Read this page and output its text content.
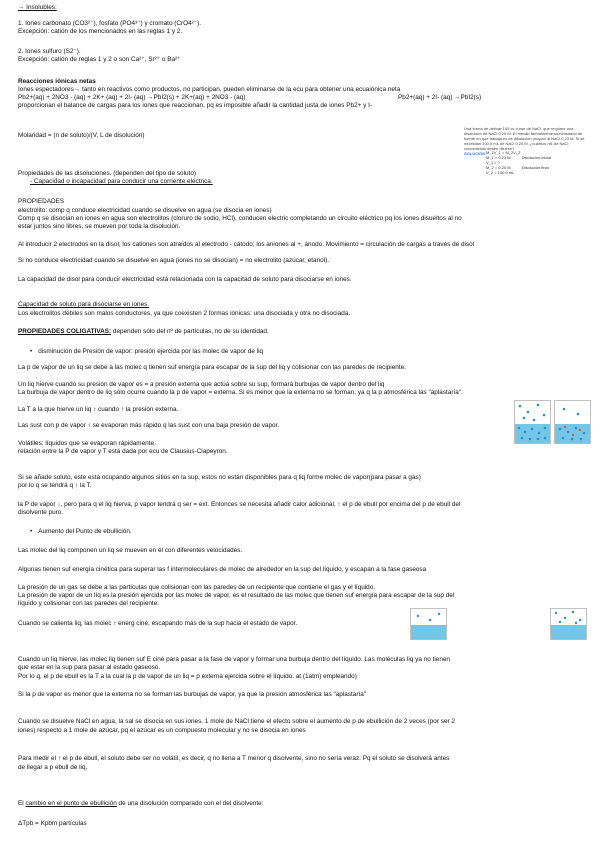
→ Insolubles:
1. Iones carbonato (CO3²⁻), fosfato (PO4³⁻) y cromato (CrO4²⁻).
Excepción: catión de los mencionados en las reglas 1 y 2.
2. Iones sulfuro (S2⁻).
Excepción: catión de reglas 1 y 2 o son Ca²⁺, Sr²⁺ o Ba²⁺
Reacciones iónicas netas
Iones espectadores→ tanto en reactivos como productos, no participan, pueden eliminarse de la ecu para obtener una ecuaiónica neta
Pb2+(aq) + 2NO3 - (aq) + 2K+ (aq) + 2I- (aq) →PbI2(s) + 2K+(aq) + 2NO3 - (aq)	Pb2+(aq) + 2I- (aq) →PbI2(s)
proporcionan el balance de cargas para los iones que reaccionan, pq es imposible añadir la cantidad justa de iones Pb2+ y I-
Molaridad = (n de soluto)/(V, L de disolución)
Una forma de derivar 100 cc d ese de NaCl, que requiere una disolución de NaCl 0,20 M. El mecán farmalmente suministrado de fuente en que trabaja es de disolución ocupan al NaCl 0,23 M. Si se necesitan 100,0 mL de NaCl 0,20 M, ¿cuántos mL de NaCl concentrado deben diluirse?
SOLUCIÓN M_1V_1 = M_2V_2
M_1 = 0,23 M	Disolución inicial
V_1 = ?
M_2 = 0,20 M	Disolución final
V_2 = 100,0 mL
Propiedades de las disoluciones. (dependen del tipo de soluto)
- Capacidad o incapacidad para conducir una corriente eléctrica.
PROPIEDADES
electrolito: comp q conduce electricidad cuando se disuelve en agua (se disocia en iones)
Comp q se disocian en iones en agua son electrolitos (cloruro de sodio, HCl), conducen electric completando un circuito eléctrico pq los iones disueltos al no
estar juntos sino libres, se mueven por toda la disolución.
Al introducir 2 electrodos en la disol, los cationes son atraídos al electrodo - cátodo; los aniones al +, ánodo. Movimiento = circulación de cargas a través de disol
Si no conduce electricidad cuando se disuelve en agua (iones no se disocian) = no electrolito (azúcar, etanol).
La capacidad de disol para conducir electricidad está relacionada con la capacitad de soluto para disociarse en iones.
Capacidad de soluto para disociarse en iones.
Los electrolitos débiles son malos conductores, ya que coexisten 2 formas iónicas: una disociada y otra no disociada.
PROPIEDADES COLIGATIVAS: dependen sólo del nº de partículas, no de su identidad.
• disminución de Presión de vapor: presión ejercida por las molec de vapor de liq
La p de vapor de un liq se debe a las molec q tienen suf energía para escapar de la sup del liq y colisionar con las paredes de recipiente.
Un liq hierve cuando su presión de vapor es = a presión externa que actúa sobre su sup, formará burbujas de vapor dentro del liq
La burbuja de vapor dentro de liq sólo ocurre cuando la p de vapor = externa. Si es menor que la externa no se forman, ya q la p atmosférica las "aplastaría".
La T a la que hierve un liq ↑ cuando ↑ la presión externa.
Las sust con p de vapor ↑ se evaporan más rápido q las sust con una baja presión de vapor.
Volátiles: líquidos que se evaporan rápidamente.
relación entre la P de vapor y T está dada por ecu de Clausius-Clapeyron.
Si se añade soluto, este está ocupando algunos sitios en la sup, estos no están disponibles para q liq forme molec de vapor(para pasar a gas)
por lo q se tendrá q ↑ la T.
la P de vapor ↓, pero para q el liq hierva, p vapor tendrá q ser = ext. Entonces se necesita añadir calor adicional, ↑ el p de ebull por encima del p de ebull del
disolvente puro.
• Aumento del Punto de ebullición.
Las molec del liq componen un liq se mueven en él con diferentes velocidades.
Algunas tienen suf energía cinética para superar las f intermoleculares de molec de alrededor en la sup del líquido, y escapan a la fase gaseosa
La presión de un gas se debe a las partículas que colisionan con las paredes de un recipiente que contiene el gas y el líquido.
La presión de vapor de un líq es la presión ejercida por las molec de vapor, es el resultado de las molec que tienen suf energía para escapar de la sup del
líquido y colisionar con las paredes del recipiente.
Cuando se calienta liq, las molec ↑ energ ciné, escapando más de la sup hacia el estado de vapor.
Cuando un liq hierve, las molec liq tienen suf E ciné para pasar a la fase de vapor y formar una burbuja dentro del líquido. Las moléculas liq ya no tienen
que estar en la sup para pasar al estado gaseoso.
Por lo q, el p de ebull es la T a la cual la p de vapor de un liq = p externa ejercida sobre el líquido. at (1atm) empleando)
Si la p de vapor es menor que la externa no se forman las burbujas de vapor, ya que la presión atmosférica las "aplastaría"
Cuando se disuelve NaCl en agua, la sal se disocia en sus iones. 1 mole de NaCl tiene el efecto sobre el aumento de p de ebullición de 2 veces (por ser 2
iones) respecto a 1 mole de azúcar, pq el azúcar es un compuesto molecular y no se disocia en iones
Para medir el ↑ el p de ebull, el soluto debe ser no volátil, es decir, q no llena a T menor q disolvente, sino no sería veraz. Pq el soluto se disolverá antes
de llegar a p ebull de liq.
El cambio en el punto de ebullición de una disolución comparado con el del disolvente:
ΔTpb = Kpbm partículas
